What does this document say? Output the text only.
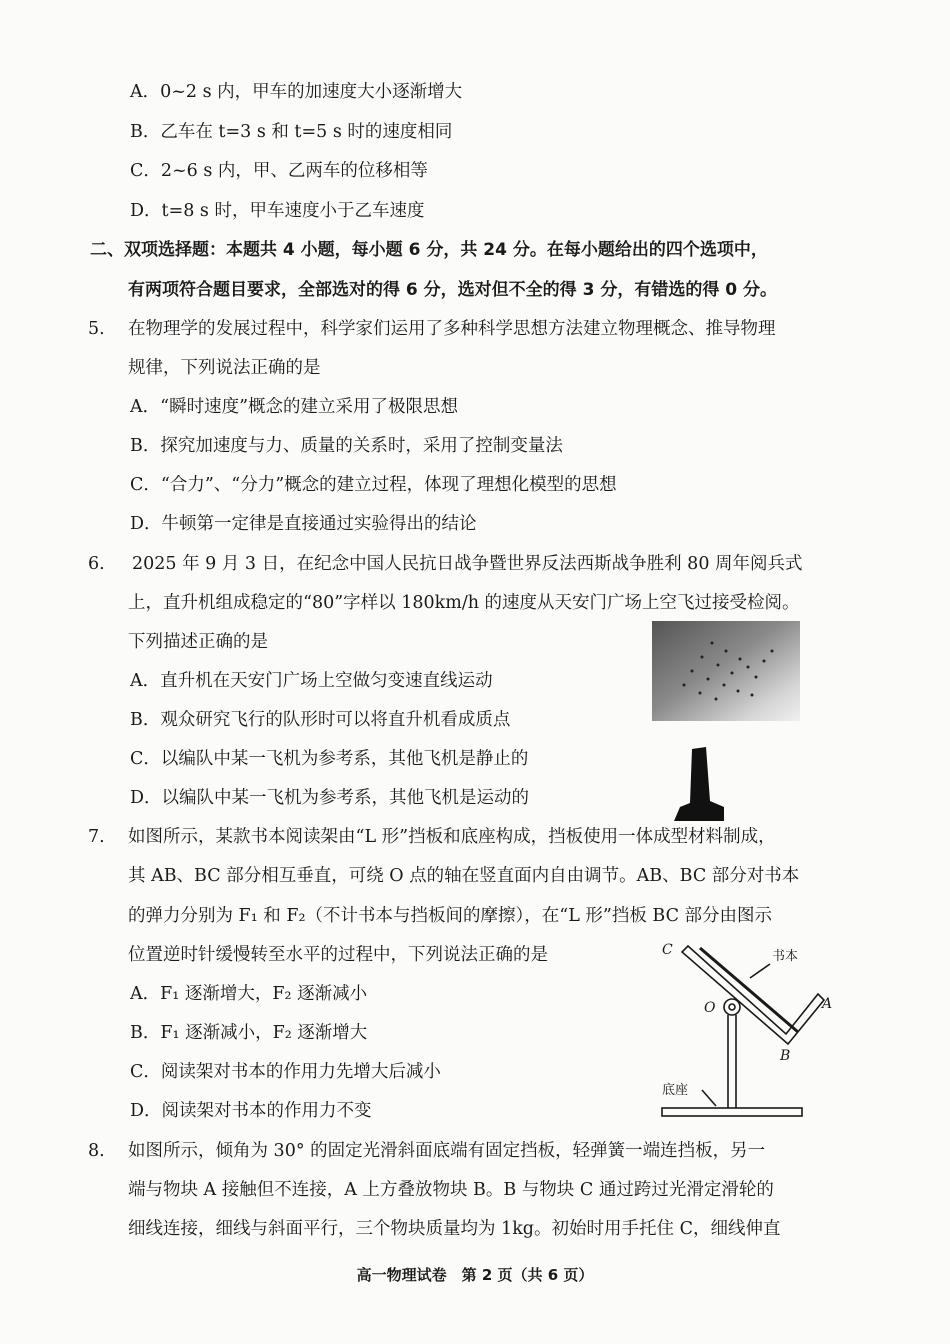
A．0~2 s 内，甲车的加速度大小逐渐增大
B．乙车在 t=3 s 和 t=5 s 时的速度相同
C．2~6 s 内，甲、乙两车的位移相等
D．t=8 s 时，甲车速度小于乙车速度
二、双项选择题：本题共 4 小题，每小题 6 分，共 24 分。在每小题给出的四个选项中，
有两项符合题目要求，全部选对的得 6 分，选对但不全的得 3 分，有错选的得 0 分。
5. 在物理学的发展过程中，科学家们运用了多种科学思想方法建立物理概念、推导物理
规律，下列说法正确的是
A．“瞬时速度”概念的建立采用了极限思想
B．探究加速度与力、质量的关系时，采用了控制变量法
C．“合力”、“分力”概念的建立过程，体现了理想化模型的思想
D．牛顿第一定律是直接通过实验得出的结论
6. 2025 年 9 月 3 日，在纪念中国人民抗日战争暨世界反法西斯战争胜利 80 周年阅兵式
上，直升机组成稳定的“80”字样以 180km/h 的速度从天安门广场上空飞过接受检阅。
下列描述正确的是
A．直升机在天安门广场上空做匀变速直线运动
B．观众研究飞行的队形时可以将直升机看成质点
C．以编队中某一飞机为参考系，其他飞机是静止的
D．以编队中某一飞机为参考系，其他飞机是运动的
7. 如图所示，某款书本阅读架由“L 形”挡板和底座构成，挡板使用一体成型材料制成，
其 AB、BC 部分相互垂直，可绕 O 点的轴在竖直面内自由调节。AB、BC 部分对书本
的弹力分别为 F₁ 和 F₂（不计书本与挡板间的摩擦），在“L 形”挡板 BC 部分由图示
位置逆时针缓慢转至水平的过程中，下列说法正确的是
A．F₁ 逐渐增大，F₂ 逐渐减小
B．F₁ 逐渐减小，F₂ 逐渐增大
C．阅读架对书本的作用力先增大后减小
D．阅读架对书本的作用力不变
C
A
O
B
书本
底座
8. 如图所示，倾角为 30° 的固定光滑斜面底端有固定挡板，轻弹簧一端连挡板，另一
端与物块 A 接触但不连接，A 上方叠放物块 B。B 与物块 C 通过跨过光滑定滑轮的
细线连接，细线与斜面平行，三个物块质量均为 1kg。初始时用手托住 C，细线伸直
高一物理试卷　第 2 页（共 6 页）
